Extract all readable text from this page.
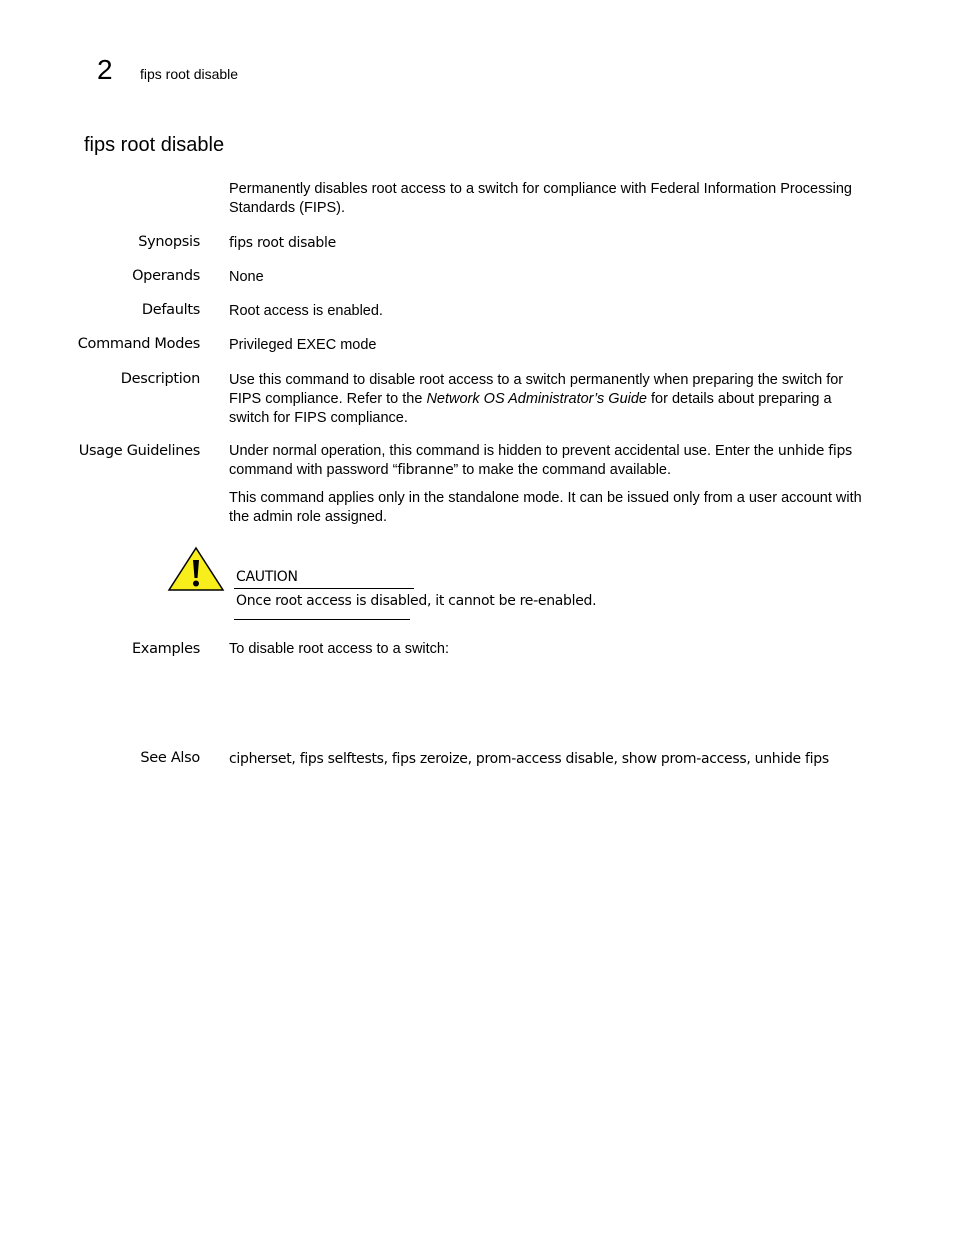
2 fips root disable
fips root disable
Permanently disables root access to a switch for compliance with Federal Information Processing Standards (FIPS).
Synopsis fips root disable
Operands None
Defaults Root access is enabled.
Command Modes Privileged EXEC mode
Description Use this command to disable root access to a switch permanently when preparing the switch for FIPS compliance. Refer to the Network OS Administrator’s Guide for details about preparing a switch for FIPS compliance.
Usage Guidelines Under normal operation, this command is hidden to prevent accidental use. Enter the unhide fips command with password “fibranne” to make the command available.
This command applies only in the standalone mode. It can be issued only from a user account with the admin role assigned.
CAUTION
Once root access is disabled, it cannot be re-enabled.
Examples To disable root access to a switch:
See Also cipherset, fips selftests, fips zeroize, prom-access disable, show prom-access, unhide fips
